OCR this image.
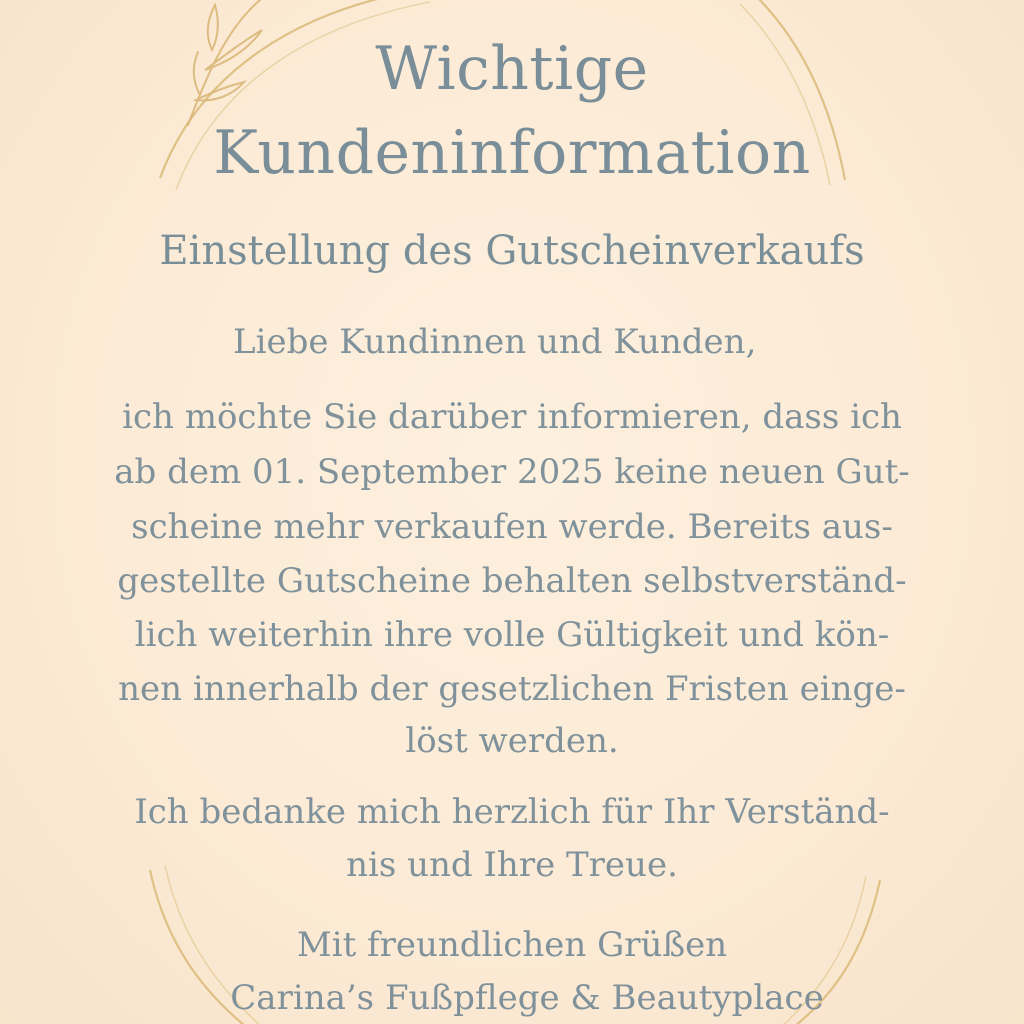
Wichtige
Kundeninformation
Einstellung des Gutscheinverkaufs
Liebe Kundinnen und Kunden,
ich möchte Sie darüber informieren, dass ich
ab dem 01. September 2025 keine neuen Gut-
scheine mehr verkaufen werde. Bereits aus-
gestellte Gutscheine behalten selbstverständ-
lich weiterhin ihre volle Gültigkeit und kön-
nen innerhalb der gesetzlichen Fristen einge-
löst werden.
Ich bedanke mich herzlich für Ihr Verständ-
nis und Ihre Treue.
Mit freundlichen Grüßen
Carina’s Fußpflege & Beautyplace
